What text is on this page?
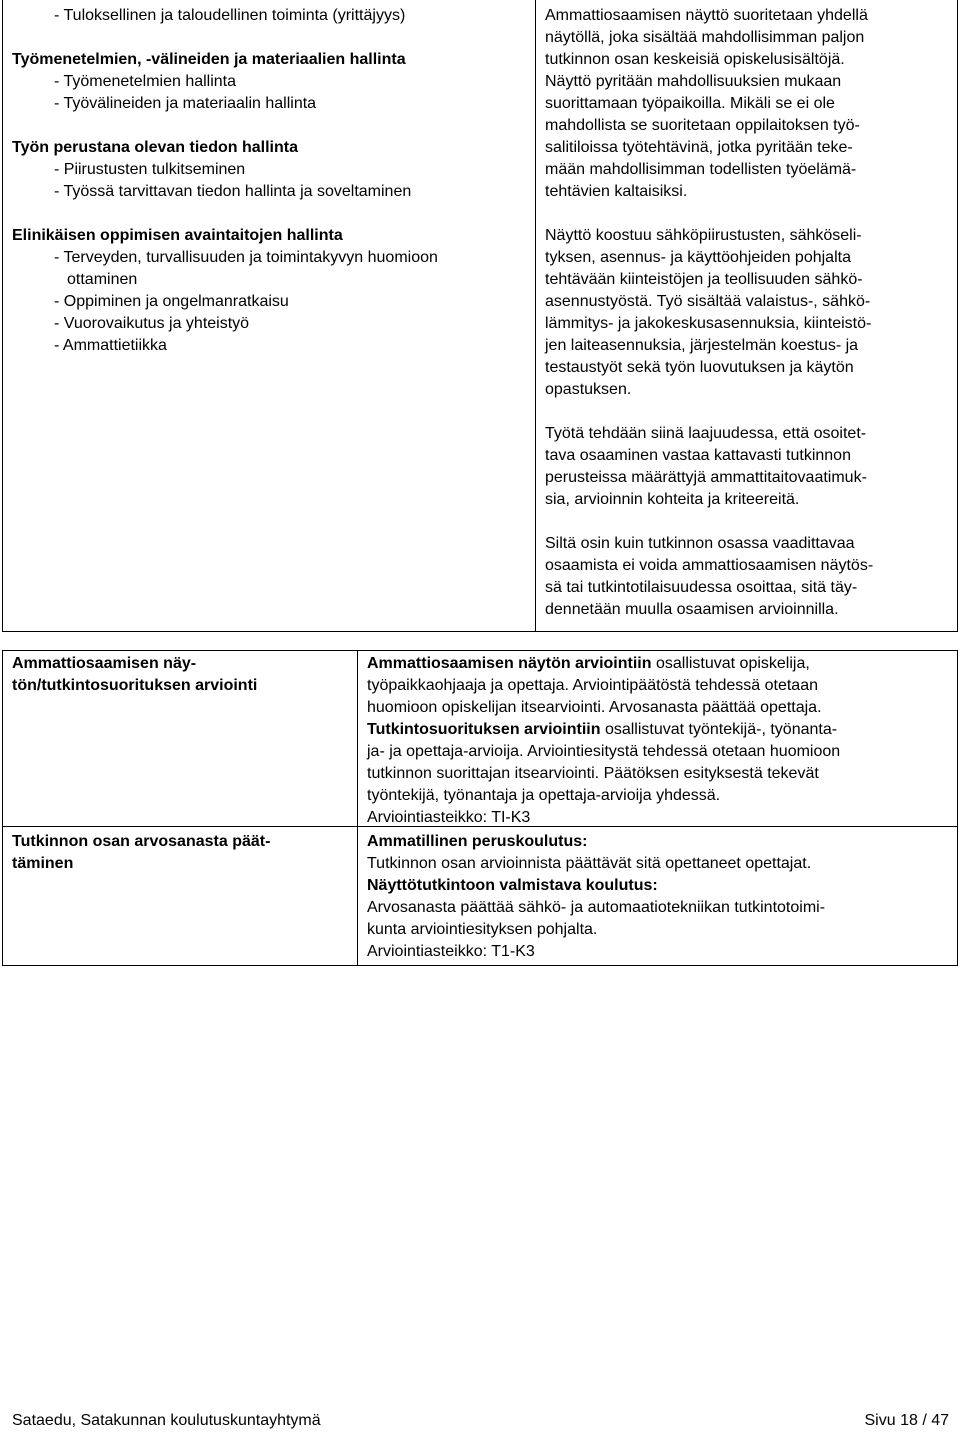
- Tuloksellinen ja taloudellinen toiminta (yrittäjyys)
Työmenetelmien, -välineiden ja materiaalien hallinta
- Työmenetelmien hallinta
- Työvälineiden ja materiaalin hallinta
Työn perustana olevan tiedon hallinta
- Piirustusten tulkitseminen
- Työssä tarvittavan tiedon hallinta ja soveltaminen
Elinikäisen oppimisen avaintaitojen hallinta
- Terveyden, turvallisuuden ja toimintakyvyn huomioon
ottaminen
- Oppiminen ja ongelmanratkaisu
- Vuorovaikutus ja yhteistyö
- Ammattietiikka
Ammattiosaamisen näyttö suoritetaan yhdellä
näytöllä, joka sisältää mahdollisimman paljon
tutkinnon osan keskeisiä opiskelusisältöjä.
Näyttö pyritään mahdollisuuksien mukaan
suorittamaan työpaikoilla. Mikäli se ei ole
mahdollista se suoritetaan oppilaitoksen työ-
salitiloissa työtehtävinä, jotka pyritään teke-
mään mahdollisimman todellisten työelämä-
tehtävien kaltaisiksi.
Näyttö koostuu sähköpiirustusten, sähköseli-
tyksen, asennus- ja käyttöohjeiden pohjalta
tehtävään kiinteistöjen ja teollisuuden sähkö-
asennustyöstä. Työ sisältää valaistus-, sähkö-
lämmitys- ja jakokeskusasennuksia, kiinteistö-
jen laiteasennuksia, järjestelmän koestus- ja
testaustyöt sekä työn luovutuksen ja käytön
opastuksen.
Työtä tehdään siinä laajuudessa, että osoitet-
tava osaaminen vastaa kattavasti tutkinnon
perusteissa määrättyjä ammattitaitovaatimuk-
sia, arvioinnin kohteita ja kriteereitä.
Siltä osin kuin tutkinnon osassa vaadittavaa
osaamista ei voida ammattiosaamisen näytös-
sä tai tutkintotilaisuudessa osoittaa, sitä täy-
dennetään muulla osaamisen arvioinnilla.
Ammattiosaamisen näy-
tön/tutkintosuorituksen arviointi
Ammattiosaamisen näytön arviointiin osallistuvat opiskelija,
työpaikkaohjaaja ja opettaja. Arviointipäätöstä tehdessä otetaan
huomioon opiskelijan itsearviointi. Arvosanasta päättää opettaja.
Tutkintosuorituksen arviointiin osallistuvat työntekijä-, työnanta-
ja- ja opettaja-arvioija. Arviointiesitystä tehdessä otetaan huomioon
tutkinnon suorittajan itsearviointi. Päätöksen esityksestä tekevät
työntekijä, työnantaja ja opettaja-arvioija yhdessä.
Arviointiasteikko: TI-K3
Tutkinnon osan arvosanasta päät-
täminen
Ammatillinen peruskoulutus:
Tutkinnon osan arvioinnista päättävät sitä opettaneet opettajat.
Näyttötutkintoon valmistava koulutus:
Arvosanasta päättää sähkö- ja automaatiotekniikan tutkintotoimi-
kunta arviointiesityksen pohjalta.
Arviointiasteikko: T1-K3
Sataedu, Satakunnan koulutuskuntayhtymä	Sivu 18 / 47
